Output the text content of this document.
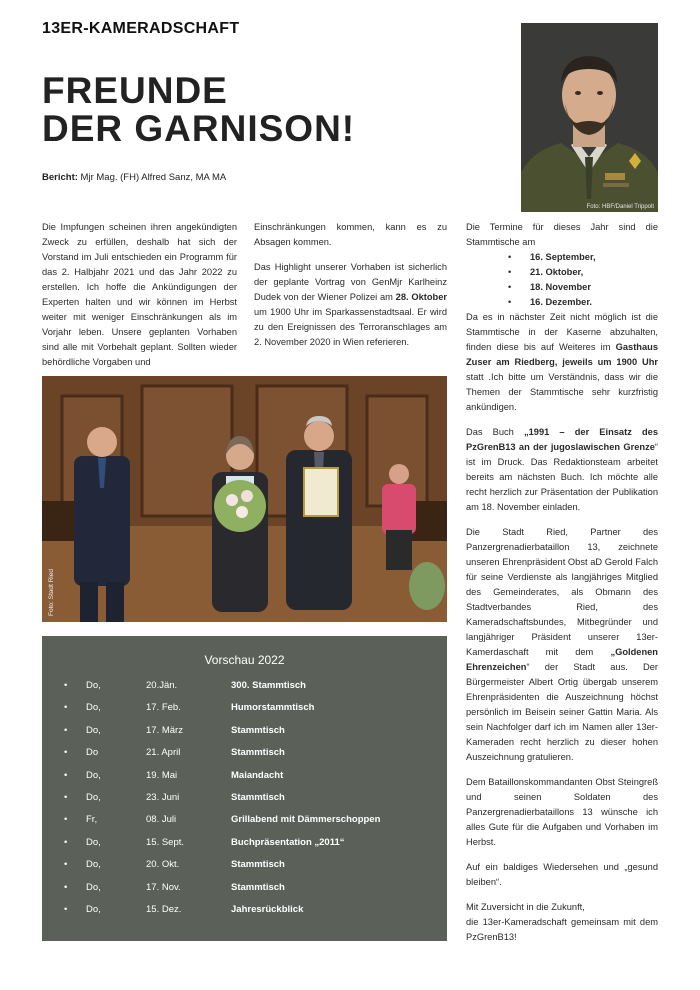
13ER-KAMERADSCHAFT
FREUNDE
DER GARNISON!
Bericht: Mjr Mag. (FH) Alfred Sanz, MA MA
Foto: HBF/Daniel Trippolt

Die Impfungen scheinen ihren angekündigten Zweck zu erfüllen, deshalb hat sich der Vorstand im Juli entschieden ein Programm für das 2. Halbjahr 2021 und das Jahr 2022 zu erstellen. Ich hoffe die Ankündigungen der Experten halten und wir können im Herbst weiter mit weniger Einschränkungen als im Vorjahr leben. Unsere geplanten Vorhaben sind alle mit Vorbehalt geplant. Sollten wieder behördliche Vorgaben und

Einschränkungen kommen, kann es zu Absagen kommen.

Das Highlight unserer Vorhaben ist sicherlich der geplante Vortrag von GenMjr Karlheinz Dudek von der Wiener Polizei am 28. Oktober um 1900 Uhr im Sparkassenstadtsaal. Er wird zu den Ereignissen des Terroranschlages am 2. November 2020 in Wien referieren.

Die Termine für dieses Jahr sind die Stammtische am

• 16. September,
• 21. Oktober,
• 18. November
• 16. Dezember.

Da es in nächster Zeit nicht möglich ist die Stammtische in der Kaserne abzuhalten, finden diese bis auf Weiteres im Gasthaus Zuser am Riedberg, jeweils um 1900 Uhr statt .Ich bitte um Verständnis, dass wir die Themen der Stammtische sehr kurzfristig ankündigen.

Das Buch „1991 – der Einsatz des PzGrenB13 an der jugoslawischen Grenze“ ist im Druck. Das Redaktionsteam arbeitet bereits am nächsten Buch. Ich möchte alle recht herzlich zur Präsentation der Publikation am 18. November einladen.

Die Stadt Ried, Partner des Panzergrenadierbataillon 13, zeichnete unseren Ehrenpräsident Obst aD Gerold Falch für seine Verdienste als langjähriges Mitglied des Gemeinderates, als Obmann des Stadtverbandes Ried, des Kameradschaftsbundes, Mitbegründer und langjähriger Präsident unserer 13er-Kamerdaschaft mit dem „Goldenen Ehrenzeichen“ der Stadt aus. Der Bürgermeister Albert Ortig übergab unserem Ehrenpräsidenten die Auszeichnung höchst persönlich im Beisein seiner Gattin Maria. Als sein Nachfolger darf ich im Namen aller 13er-Kameraden recht herzlich zu dieser hohen Auszeichnung gratulieren.

Dem Bataillonskommandanten Obst Steingreß und seinen Soldaten des Panzergrenadierbataillons 13 wünsche ich alles Gute für die Aufgaben und Vorhaben im Herbst.

Auf ein baldiges Wiedersehen und „gesund bleiben“.

Mit Zuversicht in die Zukunft,
die 13er-Kameradschaft gemeinsam mit dem PzGrenB13!

Foto: Stadt Ried
Vorschau 2022
• Do,	20.Jän.	300. Stammtisch
• Do,	17. Feb.	Humorstammtisch
• Do,	17. März	Stammtisch
• Do	21. April	Stammtisch
• Do,	19. Mai	Maiandacht
• Do,	23. Juni	Stammtisch
• Fr,	08. Juli	Grillabend mit Dämmerschoppen
• Do,	15. Sept.	Buchpräsentation „2011“
• Do,	20. Okt.	Stammtisch
• Do,	17. Nov.	Stammtisch
• Do,	15. Dez.	Jahresrückblick
